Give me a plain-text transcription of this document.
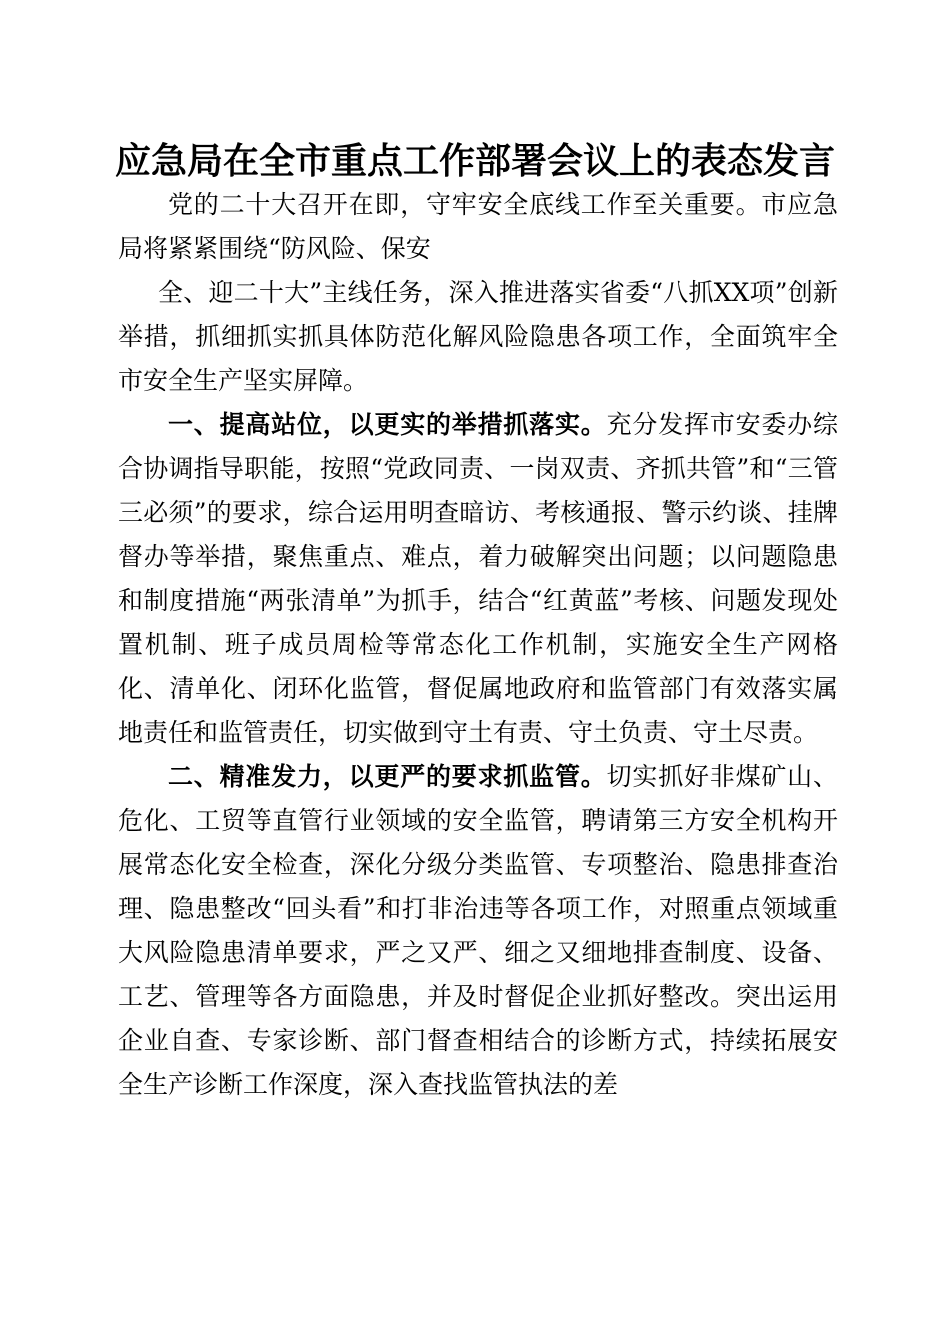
应急局在全市重点工作部署会议上的表态发言

党的二十大召开在即，守牢安全底线工作至关重要。市应急局将紧紧围绕“防风险、保安

全、迎二十大”主线任务，深入推进落实省委“八抓XX项”创新举措，抓细抓实抓具体防范化解风险隐患各项工作，全面筑牢全市安全生产坚实屏障。

一、提高站位，以更实的举措抓落实。充分发挥市安委办综合协调指导职能，按照“党政同责、一岗双责、齐抓共管”和“三管三必须”的要求，综合运用明查暗访、考核通报、警示约谈、挂牌督办等举措，聚焦重点、难点，着力破解突出问题；以问题隐患和制度措施“两张清单”为抓手，结合“红黄蓝”考核、问题发现处置机制、班子成员周检等常态化工作机制，实施安全生产网格化、清单化、闭环化监管，督促属地政府和监管部门有效落实属地责任和监管责任，切实做到守土有责、守土负责、守土尽责。

二、精准发力，以更严的要求抓监管。切实抓好非煤矿山、危化、工贸等直管行业领域的安全监管，聘请第三方安全机构开展常态化安全检查，深化分级分类监管、专项整治、隐患排查治理、隐患整改“回头看”和打非治违等各项工作，对照重点领域重大风险隐患清单要求，严之又严、细之又细地排查制度、设备、工艺、管理等各方面隐患，并及时督促企业抓好整改。突出运用企业自查、专家诊断、部门督查相结合的诊断方式，持续拓展安全生产诊断工作深度，深入查找监管执法的差
